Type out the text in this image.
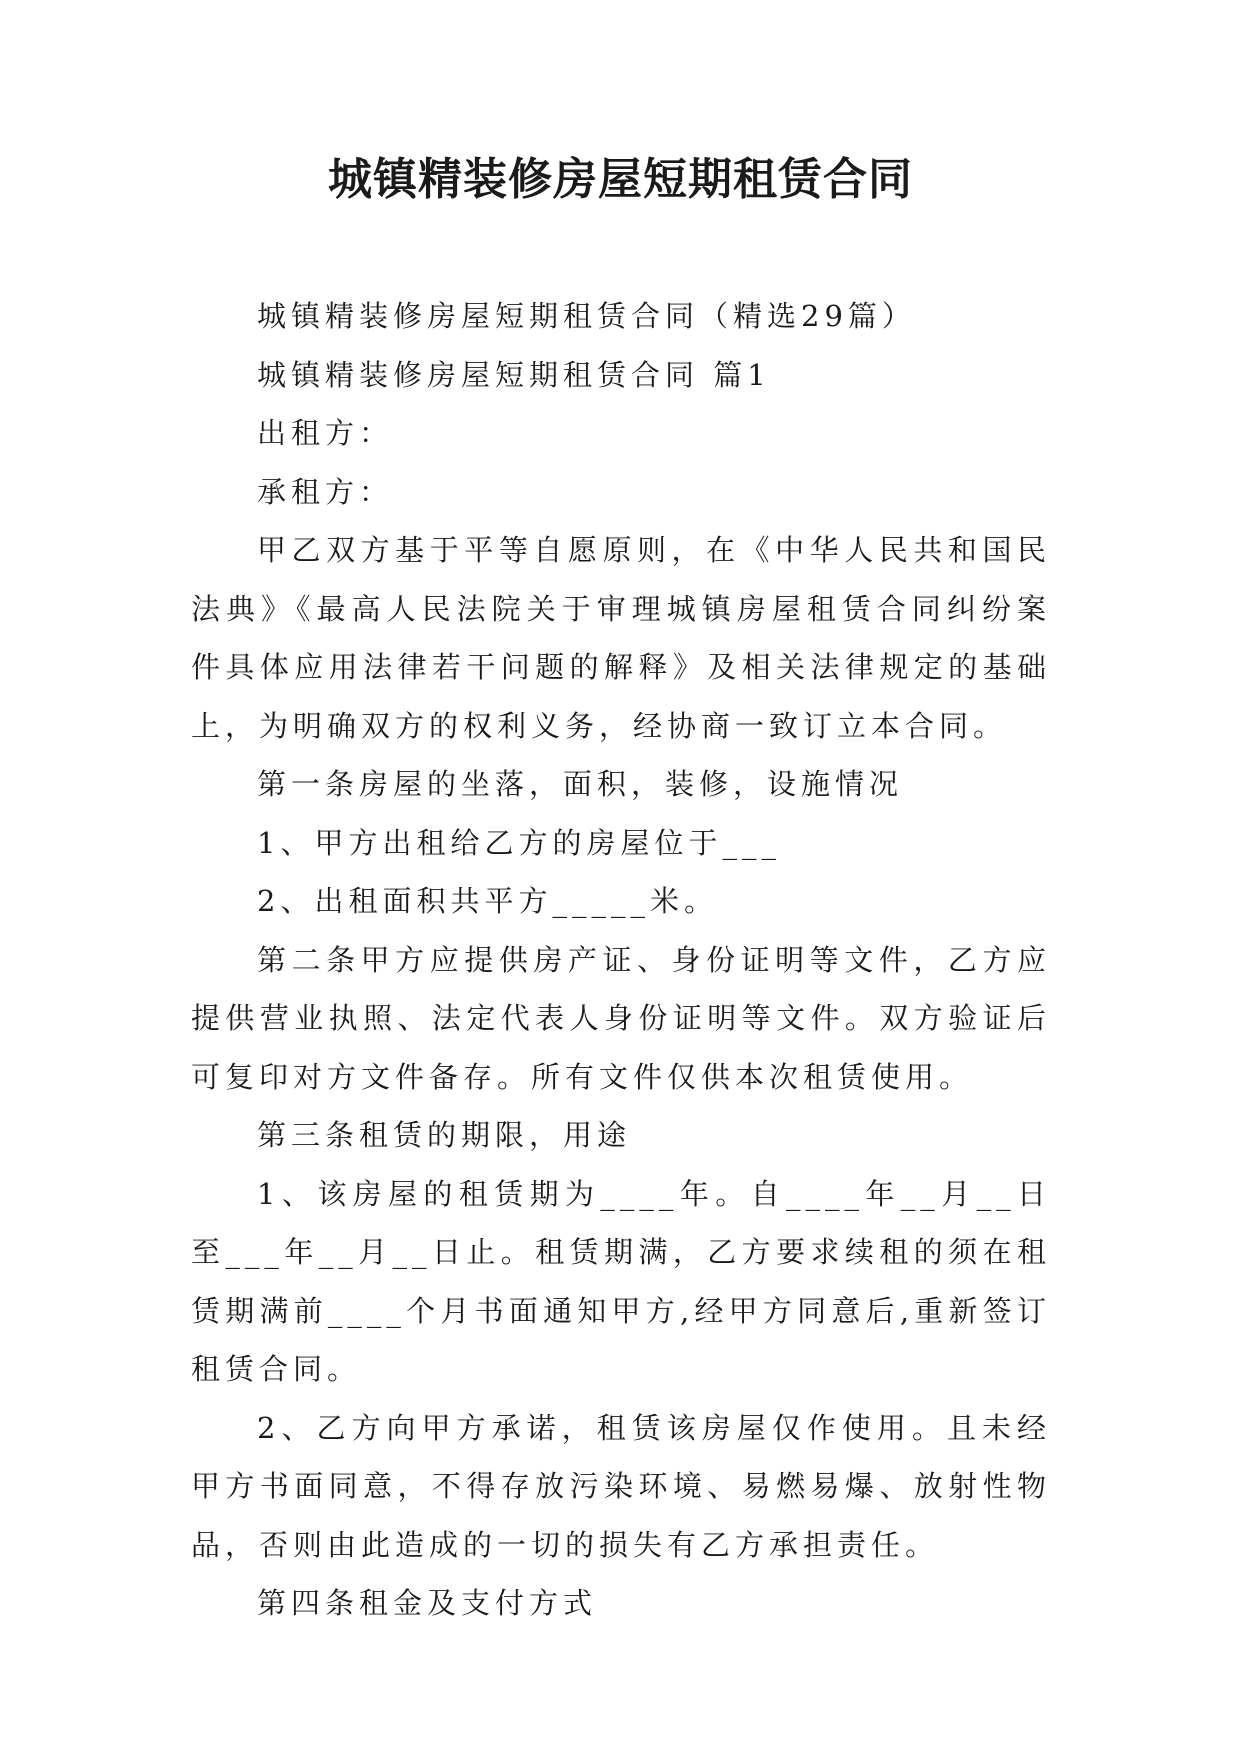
城镇精装修房屋短期租赁合同

城镇精装修房屋短期租赁合同（精选29篇）

城镇精装修房屋短期租赁合同 篇1

出租方：

承租方：

甲乙双方基于平等自愿原则，在《中华人民共和国民法典》《最高人民法院关于审理城镇房屋租赁合同纠纷案件具体应用法律若干问题的解释》及相关法律规定的基础上，为明确双方的权利义务，经协商一致订立本合同。

第一条房屋的坐落，面积，装修，设施情况

1、甲方出租给乙方的房屋位于___

2、出租面积共平方_____米。

第二条甲方应提供房产证、身份证明等文件，乙方应提供营业执照、法定代表人身份证明等文件。双方验证后可复印对方文件备存。所有文件仅供本次租赁使用。

第三条租赁的期限，用途

1、该房屋的租赁期为____年。自____年__月__日至___年__月__日止。租赁期满，乙方要求续租的须在租赁期满前____个月书面通知甲方,经甲方同意后,重新签订租赁合同。

2、乙方向甲方承诺，租赁该房屋仅作使用。且未经甲方书面同意，不得存放污染环境、易燃易爆、放射性物品，否则由此造成的一切的损失有乙方承担责任。

第四条租金及支付方式
